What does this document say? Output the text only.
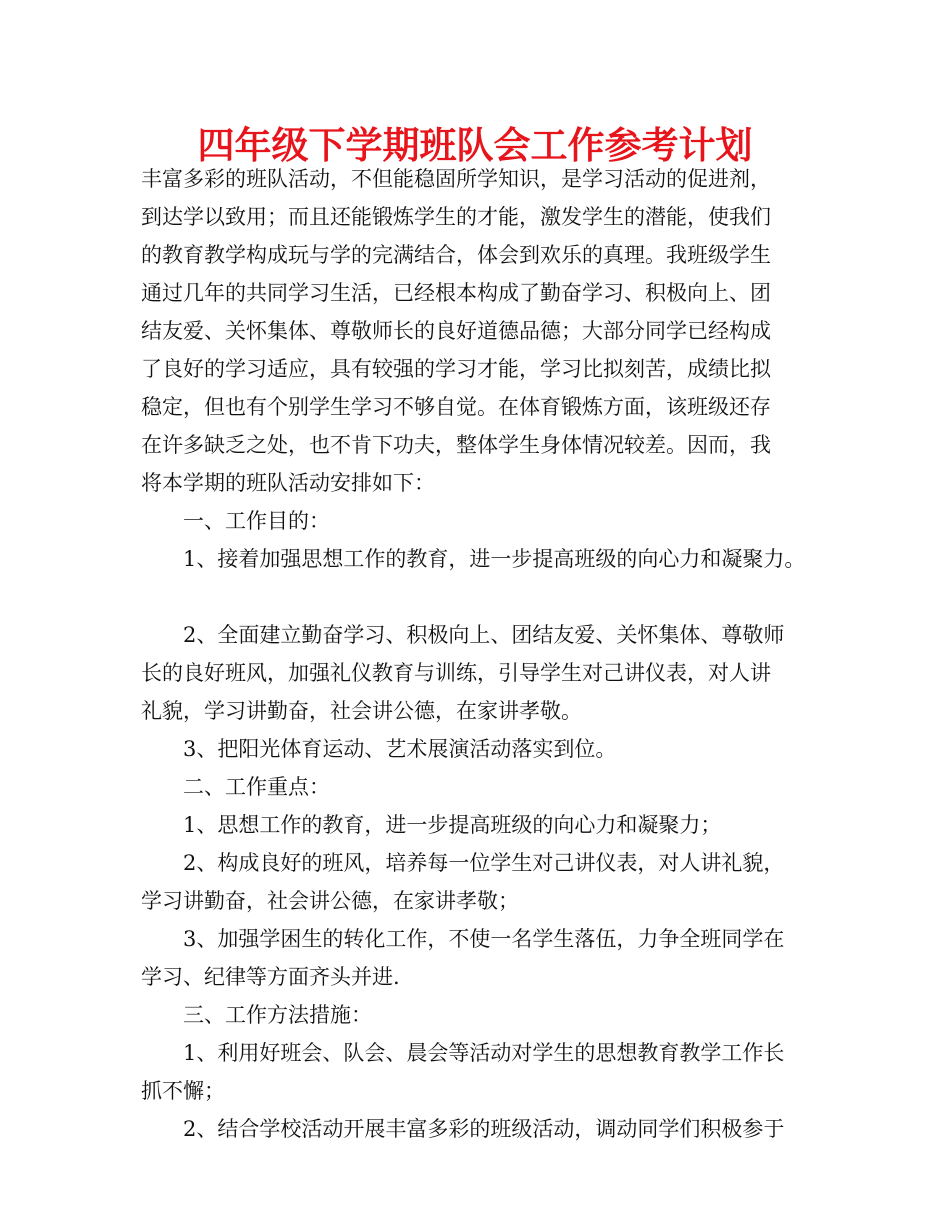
四年级下学期班队会工作参考计划
丰富多彩的班队活动，不但能稳固所学知识，是学习活动的促进剂，
到达学以致用；而且还能锻炼学生的才能，激发学生的潜能，使我们
的教育教学构成玩与学的完满结合，体会到欢乐的真理。我班级学生
通过几年的共同学习生活，已经根本构成了勤奋学习、积极向上、团
结友爱、关怀集体、尊敬师长的良好道德品德；大部分同学已经构成
了良好的学习适应，具有较强的学习才能，学习比拟刻苦，成绩比拟
稳定，但也有个别学生学习不够自觉。在体育锻炼方面，该班级还存
在许多缺乏之处，也不肯下功夫，整体学生身体情况较差。因而，我
将本学期的班队活动安排如下：
一、工作目的：
1、接着加强思想工作的教育，进一步提高班级的向心力和凝聚力。
2、全面建立勤奋学习、积极向上、团结友爱、关怀集体、尊敬师
长的良好班风，加强礼仪教育与训练，引导学生对己讲仪表，对人讲
礼貌，学习讲勤奋，社会讲公德，在家讲孝敬。
3、把阳光体育运动、艺术展演活动落实到位。
二、工作重点：
1、思想工作的教育，进一步提高班级的向心力和凝聚力；
2、构成良好的班风，培养每一位学生对己讲仪表，对人讲礼貌，
学习讲勤奋，社会讲公德，在家讲孝敬；
3、加强学困生的转化工作，不使一名学生落伍，力争全班同学在
学习、纪律等方面齐头并进.
三、工作方法措施：
1、利用好班会、队会、晨会等活动对学生的思想教育教学工作长
抓不懈；
2、结合学校活动开展丰富多彩的班级活动，调动同学们积极参于
